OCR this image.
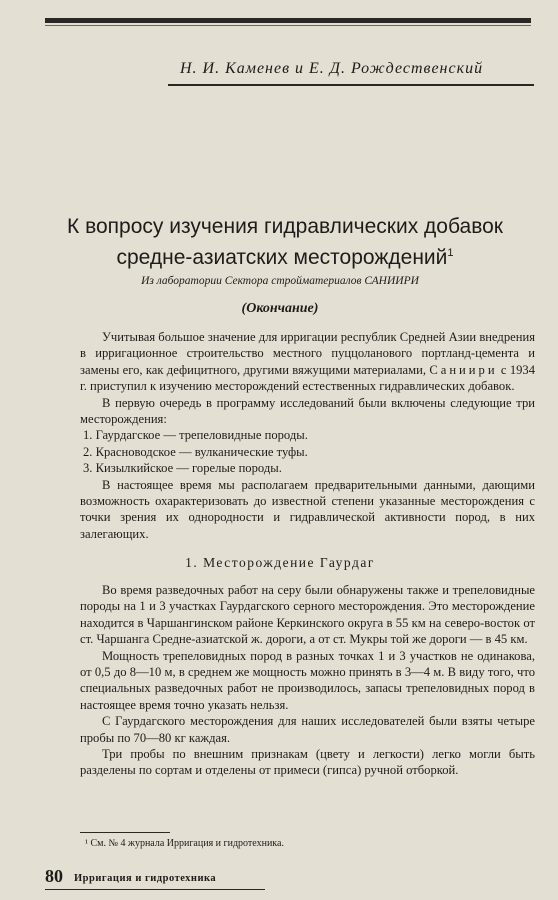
Н. И. Каменев и Е. Д. Рождественский
К вопросу изучения гидравлических добавок
средне-азиатских месторождений$^1$
Из лаборатории Сектора стройматериалов САНИИРИ
(Окончание)

Учитывая большое значение для ирригации республик Средней Азии внедрения в ирригационное строительство местного пуццоланового портланд-цемента и замены его, как дефицитного, другими вяжущими материалами, Саниири с 1934 г. приступил к изучению месторождений естественных гидравлических добавок.

В первую очередь в программу исследований были включены следующие три месторождения:

1. Гаурдагское — трепеловидные породы.

2. Красноводское — вулканические туфы.

3. Кизылкийское — горелые породы.

В настоящее время мы располагаем предварительными данными, дающими возможность охарактеризовать до известной степени указанные месторождения с точки зрения их однородности и гидравлической активности пород, в них залегающих.

1. Месторождение Гаурдаг

Во время разведочных работ на серу были обнаружены также и трепеловидные породы на 1 и 3 участках Гаурдагского серного месторождения. Это месторождение находится в Чаршангинском районе Керкинского округа в 55 км на северо-восток от ст. Чаршанга Средне-азиатской ж. дороги, а от ст. Мукры той же дороги — в 45 км.

Мощность трепеловидных пород в разных точках 1 и 3 участков не одинакова, от 0,5 до 8—10 м, в среднем же мощность можно принять в 3—4 м. В виду того, что специальных разведочных работ не производилось, запасы трепеловидных пород в настоящее время точно указать нельзя.

С Гаурдагского месторождения для наших исследователей были взяты четыре пробы по 70—80 кг каждая.

Три пробы по внешним признакам (цвету и легкости) легко могли быть разделены по сортам и отделены от примеси (гипса) ручной отборкой.

¹ См. № 4 журнала Ирригация и гидротехника.
80 Ирригация и гидротехника
